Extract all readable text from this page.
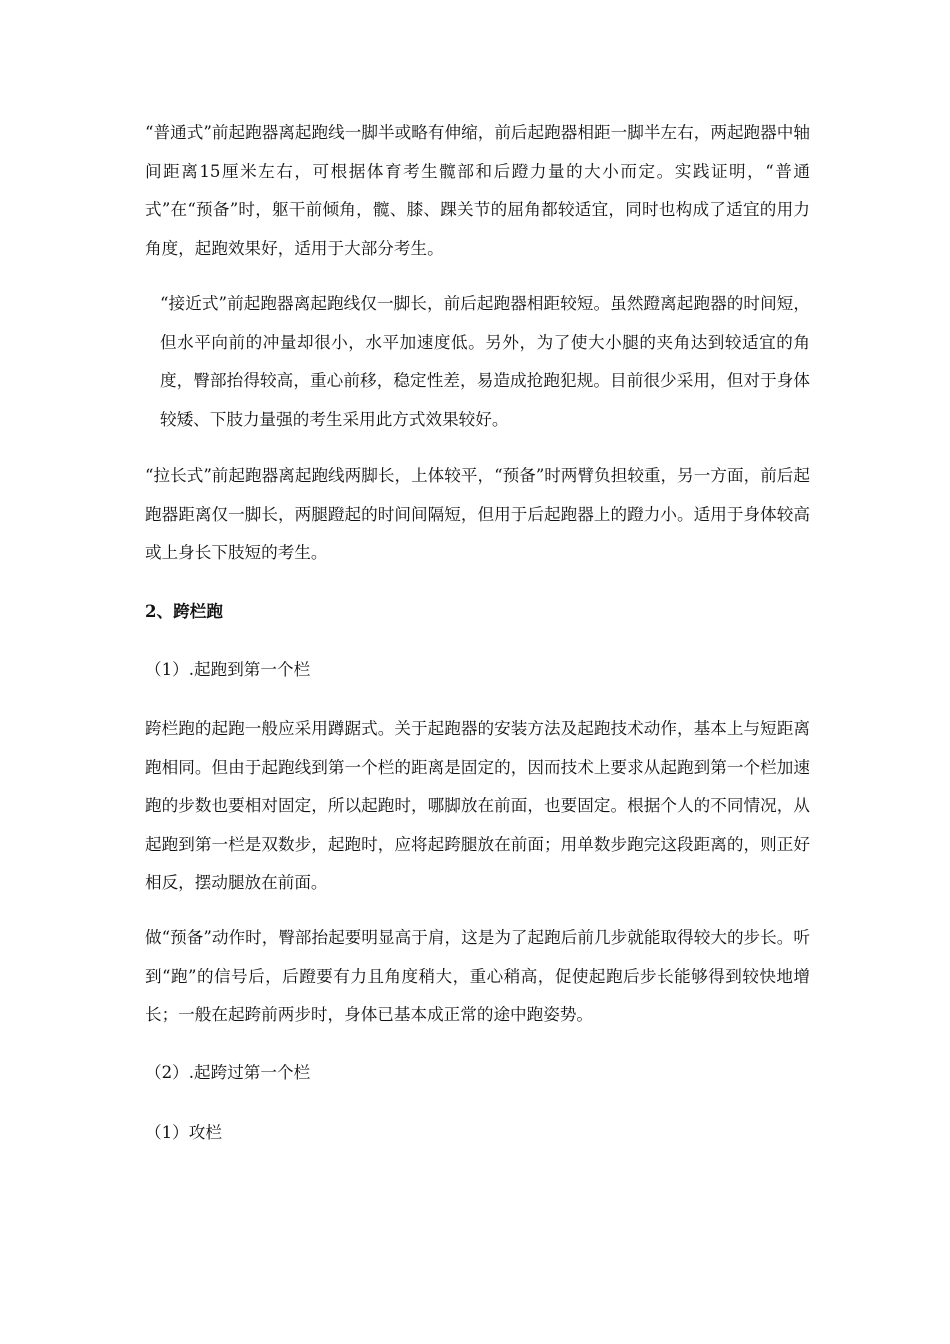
“普通式”前起跑器离起跑线一脚半或略有伸缩，前后起跑器相距一脚半左右，两起跑器中轴间距离15厘米左右，可根据体育考生髋部和后蹬力量的大小而定。实践证明，“普通式”在“预备”时，躯干前倾角，髋、膝、踝关节的屈角都较适宜，同时也构成了适宜的用力角度，起跑效果好，适用于大部分考生。

“接近式”前起跑器离起跑线仅一脚长，前后起跑器相距较短。虽然蹬离起跑器的时间短，但水平向前的冲量却很小，水平加速度低。另外，为了使大小腿的夹角达到较适宜的角度，臀部抬得较高，重心前移，稳定性差，易造成抢跑犯规。目前很少采用，但对于身体较矮、下肢力量强的考生采用此方式效果较好。

“拉长式”前起跑器离起跑线两脚长，上体较平，“预备”时两臂负担较重，另一方面，前后起跑器距离仅一脚长，两腿蹬起的时间间隔短，但用于后起跑器上的蹬力小。适用于身体较高或上身长下肢短的考生。

2、跨栏跑

（1）.起跑到第一个栏

跨栏跑的起跑一般应采用蹲踞式。关于起跑器的安装方法及起跑技术动作，基本上与短距离跑相同。但由于起跑线到第一个栏的距离是固定的，因而技术上要求从起跑到第一个栏加速跑的步数也要相对固定，所以起跑时，哪脚放在前面，也要固定。根据个人的不同情况，从起跑到第一栏是双数步，起跑时，应将起跨腿放在前面；用单数步跑完这段距离的，则正好相反，摆动腿放在前面。

做“预备”动作时，臀部抬起要明显高于肩，这是为了起跑后前几步就能取得较大的步长。听到“跑”的信号后，后蹬要有力且角度稍大，重心稍高，促使起跑后步长能够得到较快地增长；一般在起跨前两步时，身体已基本成正常的途中跑姿势。

（2）.起跨过第一个栏

（1）攻栏
